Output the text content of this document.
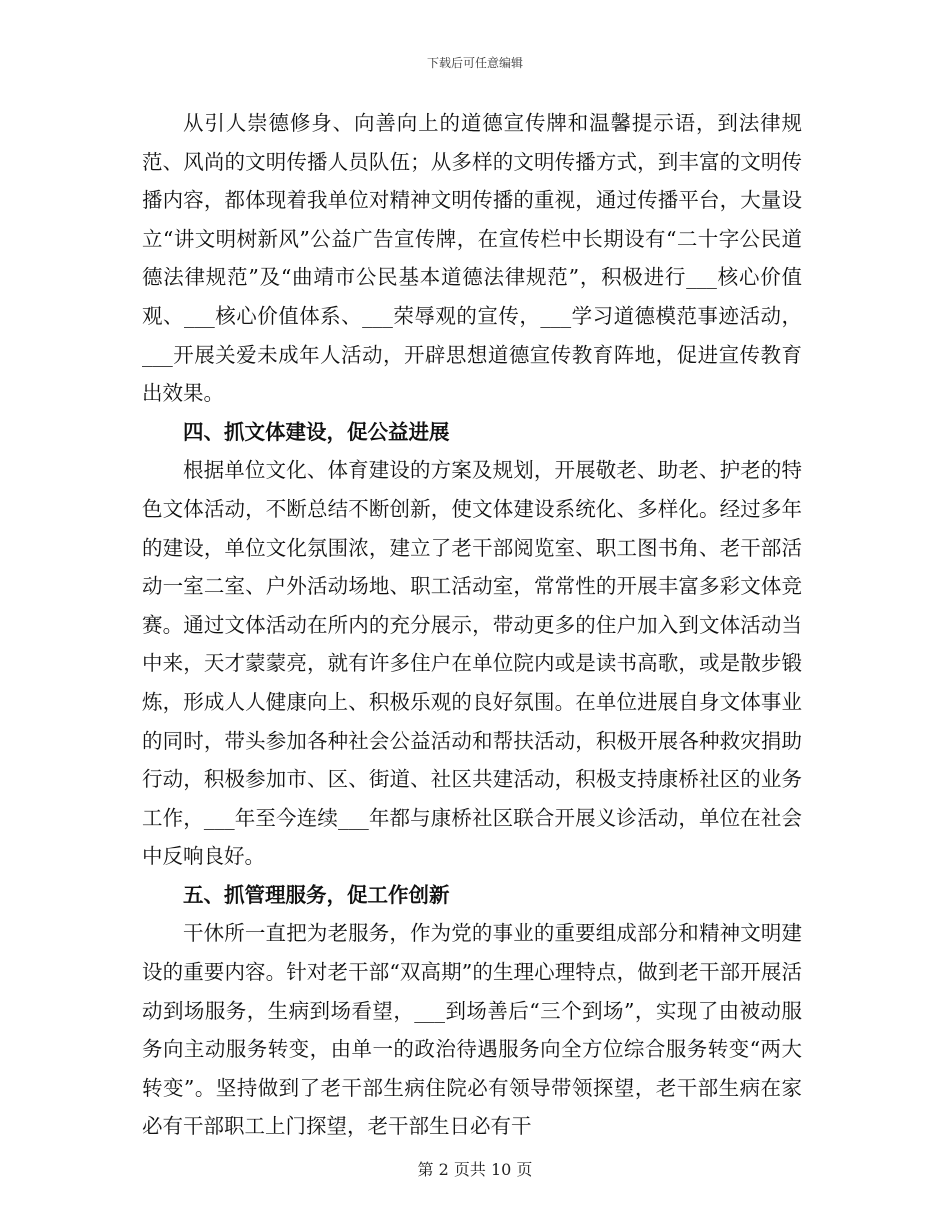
下载后可任意编辑

从引人崇德修身、向善向上的道德宣传牌和温馨提示语，到法律规范、风尚的文明传播人员队伍；从多样的文明传播方式，到丰富的文明传播内容，都体现着我单位对精神文明传播的重视，通过传播平台，大量设立“讲文明树新风”公益广告宣传牌，在宣传栏中长期设有“二十字公民道德法律规范”及“曲靖市公民基本道德法律规范”，积极进行___核心价值观、___核心价值体系、___荣辱观的宣传，___学习道德模范事迹活动，___开展关爱未成年人活动，开辟思想道德宣传教育阵地，促进宣传教育出效果。

四、抓文体建设，促公益进展

根据单位文化、体育建设的方案及规划，开展敬老、助老、护老的特色文体活动，不断总结不断创新，使文体建设系统化、多样化。经过多年的建设，单位文化氛围浓，建立了老干部阅览室、职工图书角、老干部活动一室二室、户外活动场地、职工活动室，常常性的开展丰富多彩文体竞赛。通过文体活动在所内的充分展示，带动更多的住户加入到文体活动当中来，天才蒙蒙亮，就有许多住户在单位院内或是读书高歌，或是散步锻炼，形成人人健康向上、积极乐观的良好氛围。在单位进展自身文体事业的同时，带头参加各种社会公益活动和帮扶活动，积极开展各种救灾捐助行动，积极参加市、区、街道、社区共建活动，积极支持康桥社区的业务工作，___年至今连续___年都与康桥社区联合开展义诊活动，单位在社会中反响良好。

五、抓管理服务，促工作创新

干休所一直把为老服务，作为党的事业的重要组成部分和精神文明建设的重要内容。针对老干部“双高期”的生理心理特点，做到老干部开展活动到场服务，生病到场看望，___到场善后“三个到场”，实现了由被动服务向主动服务转变，由单一的政治待遇服务向全方位综合服务转变“两大转变”。坚持做到了老干部生病住院必有领导带领探望，老干部生病在家必有干部职工上门探望，老干部生日必有干

第 2 页共 10 页
